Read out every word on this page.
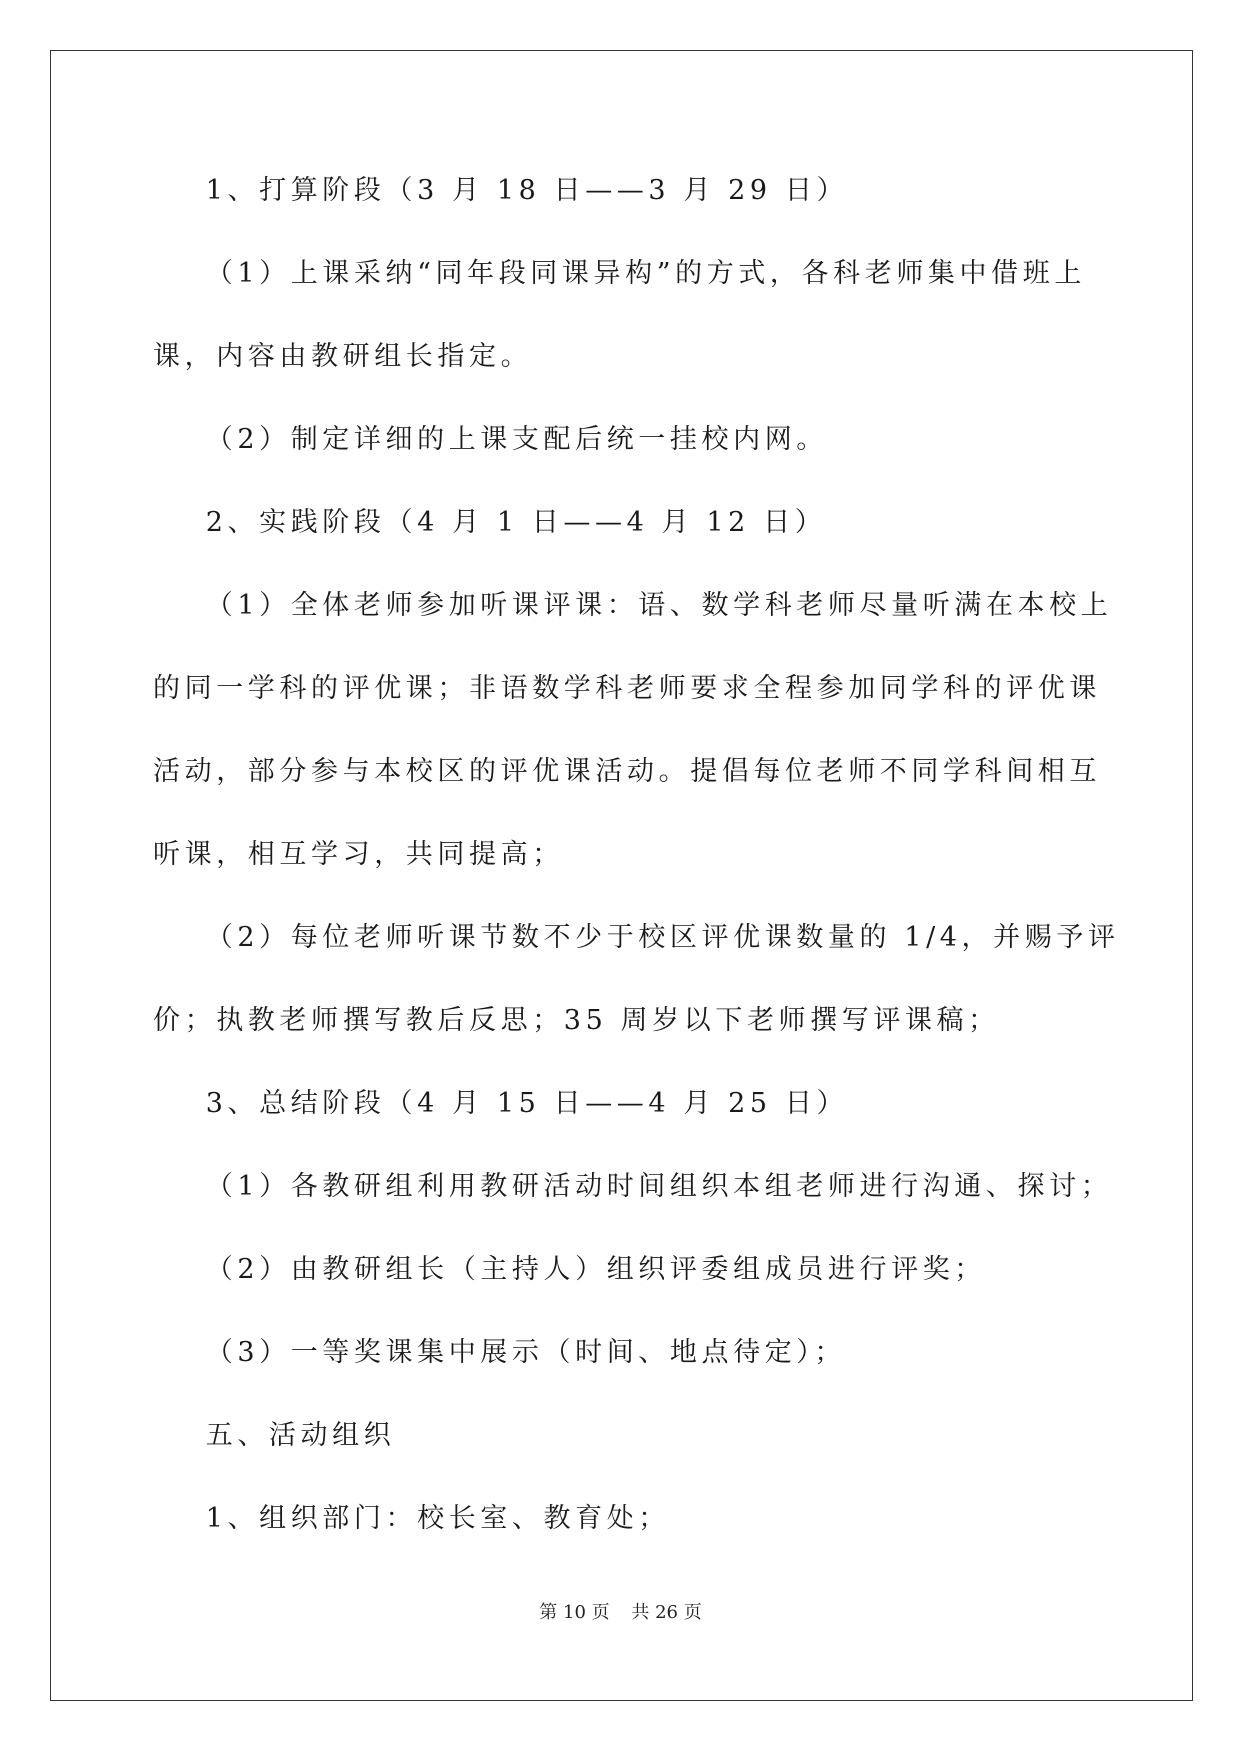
1、打算阶段（3 月 18 日——3 月 29 日）
（1）上课采纳“同年段同课异构”的方式，各科老师集中借班上
课，内容由教研组长指定。
（2）制定详细的上课支配后统一挂校内网。
2、实践阶段（4 月 1 日——4 月 12 日）
（1）全体老师参加听课评课：语、数学科老师尽量听满在本校上
的同一学科的评优课；非语数学科老师要求全程参加同学科的评优课
活动，部分参与本校区的评优课活动。提倡每位老师不同学科间相互
听课，相互学习，共同提高；
（2）每位老师听课节数不少于校区评优课数量的 1/4，并赐予评
价；执教老师撰写教后反思；35 周岁以下老师撰写评课稿；
3、总结阶段（4 月 15 日——4 月 25 日）
（1）各教研组利用教研活动时间组织本组老师进行沟通、探讨；
（2）由教研组长（主持人）组织评委组成员进行评奖；
（3）一等奖课集中展示（时间、地点待定）；
五、活动组织
1、组织部门：校长室、教育处；
第 10 页 共 26 页
